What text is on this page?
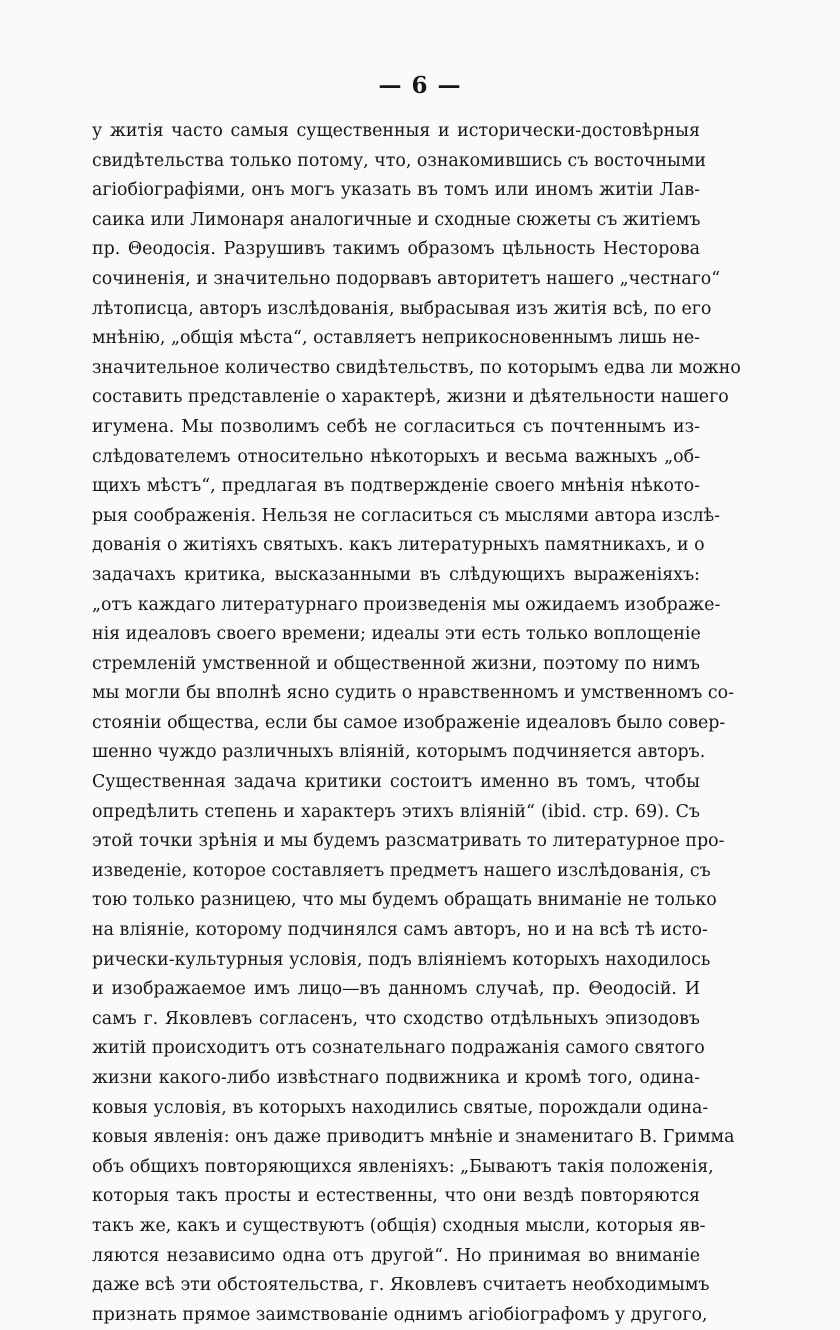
— 6 —
у житія часто самыя существенныя и исторически-достовѣрныя
свидѣтельства только потому, что, ознакомившись съ восточными
агіобіографіями, онъ могъ указать въ томъ или иномъ житіи Лав-
саика или Лимонаря аналогичные и сходные сюжеты съ житіемъ
пр. Θеодосія. Разрушивъ такимъ образомъ цѣльность Несторова
сочиненія, и значительно подорвавъ авторитетъ нашего „честнаго“
лѣтописца, авторъ изслѣдованія, выбрасывая изъ житія всѣ, по его
мнѣнію, „общія мѣста“, оставляетъ неприкосновеннымъ лишь не-
значительное количество свидѣтельствъ, по которымъ едва ли можно
составить представленіе о характерѣ, жизни и дѣятельности нашего
игумена. Мы позволимъ себѣ не согласиться съ почтеннымъ из-
слѣдователемъ относительно нѣкоторыхъ и весьма важныхъ „об-
щихъ мѣстъ“, предлагая въ подтвержденіе своего мнѣнія нѣкото-
рыя соображенія. Нельзя не согласиться съ мыслями автора изслѣ-
дованія о житіяхъ святыхъ. какъ литературныхъ памятникахъ, и о
задачахъ критика, высказанными въ слѣдующихъ выраженіяхъ:
„отъ каждаго литературнаго произведенія мы ожидаемъ изображе-
нія идеаловъ своего времени; идеалы эти есть только воплощеніе
стремленій умственной и общественной жизни, поэтому по нимъ
мы могли бы вполнѣ ясно судить о нравственномъ и умственномъ со-
стояніи общества, если бы самое изображеніе идеаловъ было совер-
шенно чуждо различныхъ вліяній, которымъ подчиняется авторъ.
Существенная задача критики состоитъ именно въ томъ, чтобы
опредѣлить степень и характеръ этихъ вліяній“ (ibid. стр. 69). Съ
этой точки зрѣнія и мы будемъ разсматривать то литературное про-
изведеніе, которое составляетъ предметъ нашего изслѣдованія, съ
тою только разницею, что мы будемъ обращать вниманіе не только
на вліяніе, которому подчинялся самъ авторъ, но и на всѣ тѣ исто-
рически-культурныя условія, подъ вліяніемъ которыхъ находилось
и изображаемое имъ лицо—въ данномъ случаѣ, пр. Θеодосій. И
самъ г. Яковлевъ согласенъ, что сходство отдѣльныхъ эпизодовъ
житій происходитъ отъ сознательнаго подражанія самого святого
жизни какого-либо извѣстнаго подвижника и кромѣ того, одина-
ковыя условія, въ которыхъ находились святые, порождали одина-
ковыя явленія: онъ даже приводитъ мнѣніе и знаменитаго В. Гримма
объ общихъ повторяющихся явленіяхъ: „Бываютъ такія положенія,
которыя такъ просты и естественны, что они вездѣ повторяются
такъ же, какъ и существуютъ (общія) сходныя мысли, которыя яв-
ляются независимо одна отъ другой“. Но принимая во вниманіе
даже всѣ эти обстоятельства, г. Яковлевъ считаетъ необходимымъ
признать прямое заимствованіе однимъ агіобіографомъ у другого,
